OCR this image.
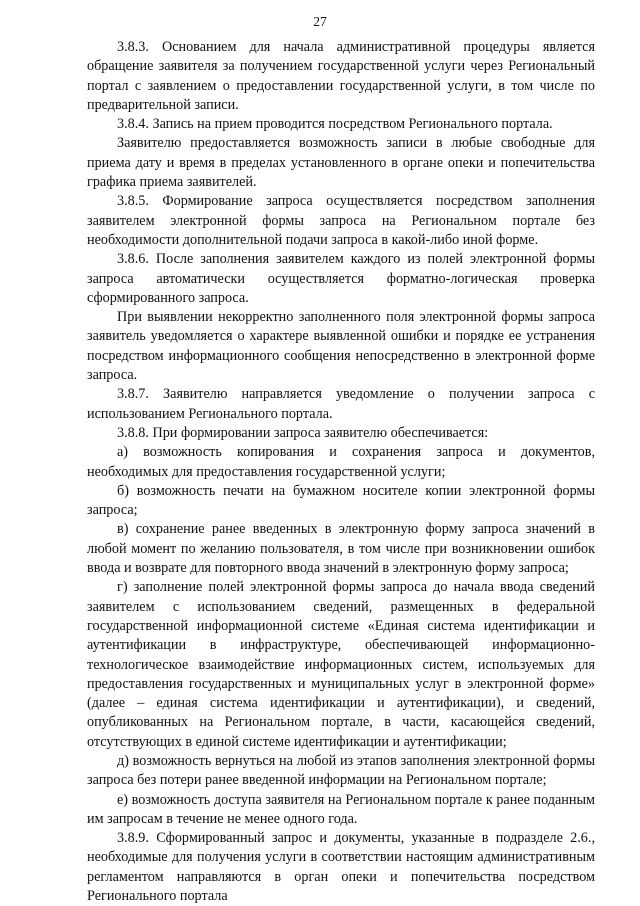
27

3.8.3. Основанием для начала административной процедуры является обращение заявителя за получением государственной услуги через Региональный портал с заявлением о предоставлении государственной услуги, в том числе по предварительной записи.

3.8.4. Запись на прием проводится посредством Регионального портала.

Заявителю предоставляется возможность записи в любые свободные для приема дату и время в пределах установленного в органе опеки и попечительства графика приема заявителей.

3.8.5. Формирование запроса осуществляется посредством заполнения заявителем электронной формы запроса на Региональном портале без необходимости дополнительной подачи запроса в какой-либо иной форме.

3.8.6. После заполнения заявителем каждого из полей электронной формы запроса автоматически осуществляется форматно-логическая проверка сформированного запроса.

При выявлении некорректно заполненного поля электронной формы запроса заявитель уведомляется о характере выявленной ошибки и порядке ее устранения посредством информационного сообщения непосредственно в электронной форме запроса.

3.8.7. Заявителю направляется уведомление о получении запроса с использованием Регионального портала.

3.8.8. При формировании запроса заявителю обеспечивается:

а) возможность копирования и сохранения запроса и документов, необходимых для предоставления государственной услуги;

б) возможность печати на бумажном носителе копии электронной формы запроса;

в) сохранение ранее введенных в электронную форму запроса значений в любой момент по желанию пользователя, в том числе при возникновении ошибок ввода и возврате для повторного ввода значений в электронную форму запроса;

г) заполнение полей электронной формы запроса до начала ввода сведений заявителем с использованием сведений, размещенных в федеральной государственной информационной системе «Единая система идентификации и аутентификации в инфраструктуре, обеспечивающей информационно-технологическое взаимодействие информационных систем, используемых для предоставления государственных и муниципальных услуг в электронной форме» (далее – единая система идентификации и аутентификации), и сведений, опубликованных на Региональном портале, в части, касающейся сведений, отсутствующих в единой системе идентификации и аутентификации;

д) возможность вернуться на любой из этапов заполнения электронной формы запроса без потери ранее введенной информации на Региональном портале;

е) возможность доступа заявителя на Региональном портале к ранее поданным им запросам в течение не менее одного года.

3.8.9. Сформированный запрос и документы, указанные в подразделе 2.6., необходимые для получения услуги в соответствии настоящим административным регламентом направляются в орган опеки и попечительства посредством Регионального портала
